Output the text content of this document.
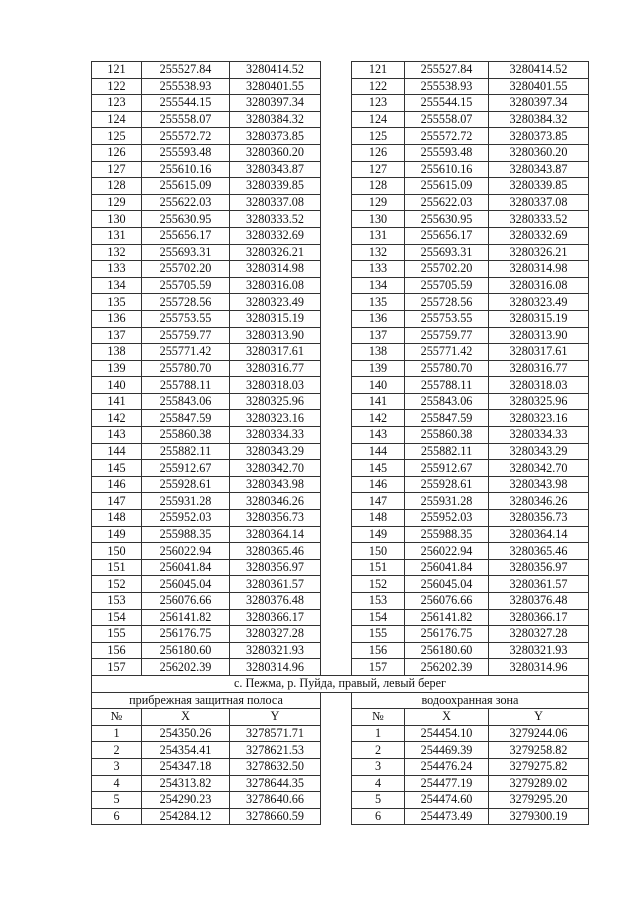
121	255527.84	3280414.52		121	255527.84	3280414.52
122	255538.93	3280401.55		122	255538.93	3280401.55
123	255544.15	3280397.34		123	255544.15	3280397.34
124	255558.07	3280384.32		124	255558.07	3280384.32
125	255572.72	3280373.85		125	255572.72	3280373.85
126	255593.48	3280360.20		126	255593.48	3280360.20
127	255610.16	3280343.87		127	255610.16	3280343.87
128	255615.09	3280339.85		128	255615.09	3280339.85
129	255622.03	3280337.08		129	255622.03	3280337.08
130	255630.95	3280333.52		130	255630.95	3280333.52
131	255656.17	3280332.69		131	255656.17	3280332.69
132	255693.31	3280326.21		132	255693.31	3280326.21
133	255702.20	3280314.98		133	255702.20	3280314.98
134	255705.59	3280316.08		134	255705.59	3280316.08
135	255728.56	3280323.49		135	255728.56	3280323.49
136	255753.55	3280315.19		136	255753.55	3280315.19
137	255759.77	3280313.90		137	255759.77	3280313.90
138	255771.42	3280317.61		138	255771.42	3280317.61
139	255780.70	3280316.77		139	255780.70	3280316.77
140	255788.11	3280318.03		140	255788.11	3280318.03
141	255843.06	3280325.96		141	255843.06	3280325.96
142	255847.59	3280323.16		142	255847.59	3280323.16
143	255860.38	3280334.33		143	255860.38	3280334.33
144	255882.11	3280343.29		144	255882.11	3280343.29
145	255912.67	3280342.70		145	255912.67	3280342.70
146	255928.61	3280343.98		146	255928.61	3280343.98
147	255931.28	3280346.26		147	255931.28	3280346.26
148	255952.03	3280356.73		148	255952.03	3280356.73
149	255988.35	3280364.14		149	255988.35	3280364.14
150	256022.94	3280365.46		150	256022.94	3280365.46
151	256041.84	3280356.97		151	256041.84	3280356.97
152	256045.04	3280361.57		152	256045.04	3280361.57
153	256076.66	3280376.48		153	256076.66	3280376.48
154	256141.82	3280366.17		154	256141.82	3280366.17
155	256176.75	3280327.28		155	256176.75	3280327.28
156	256180.60	3280321.93		156	256180.60	3280321.93
157	256202.39	3280314.96		157	256202.39	3280314.96
с. Пежма, р. Пуйда, правый, левый берег						
прибрежная защитная полоса				водоохранная зона		
№	X	Y		№	X	Y
1	254350.26	3278571.71		1	254454.10	3279244.06
2	254354.41	3278621.53		2	254469.39	3279258.82
3	254347.18	3278632.50		3	254476.24	3279275.82
4	254313.82	3278644.35		4	254477.19	3279289.02
5	254290.23	3278640.66		5	254474.60	3279295.20
6	254284.12	3278660.59		6	254473.49	3279300.19
